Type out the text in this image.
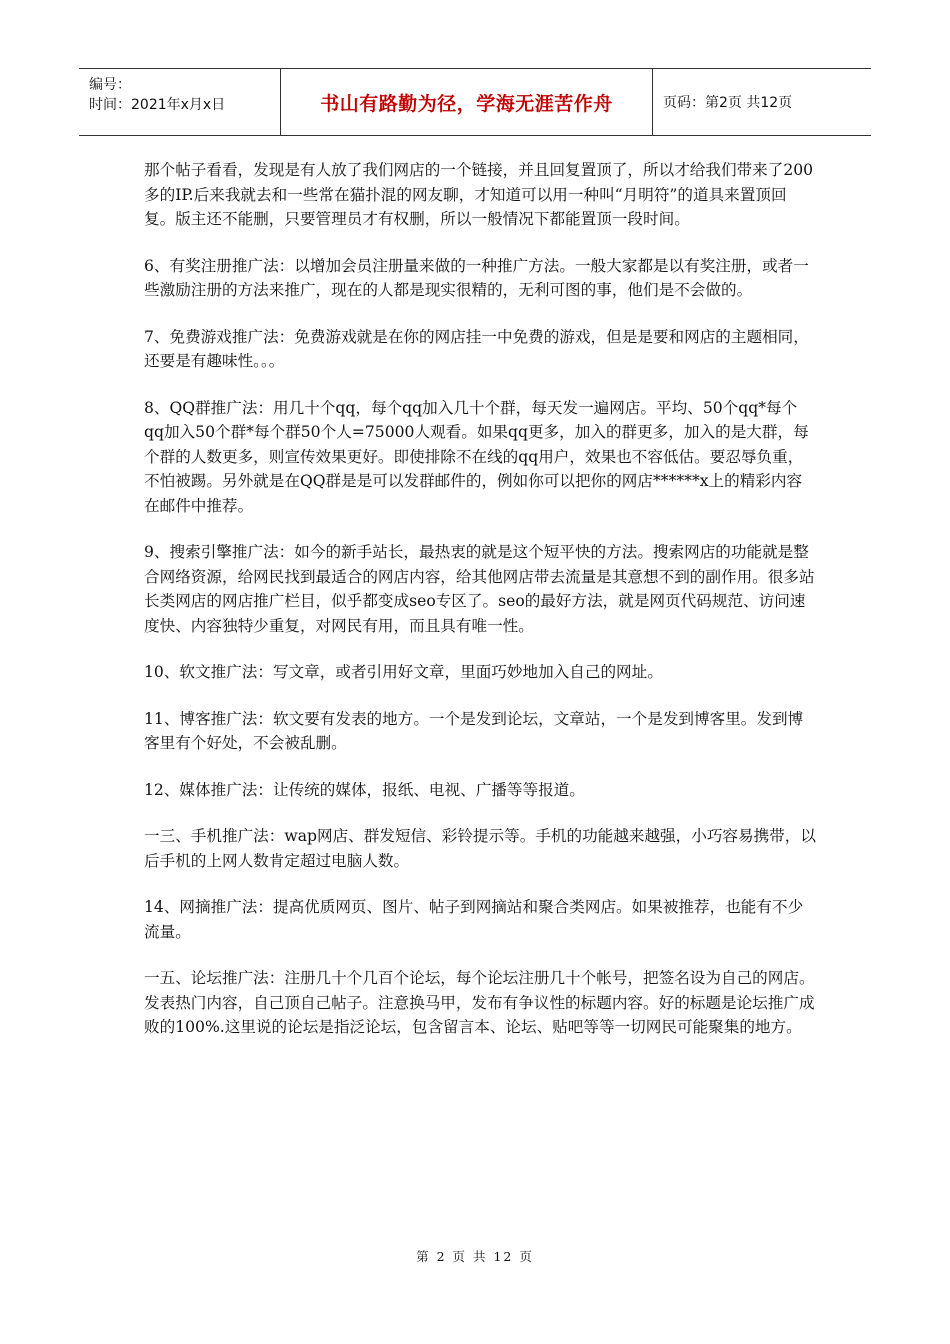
编号：
时间：2021年x月x日	书山有路勤为径，学海无涯苦作舟	页码：第2页 共12页

那个帖子看看，发现是有人放了我们网店的一个链接，并且回复置顶了，所以才给我们带来了200多的IP.后来我就去和一些常在猫扑混的网友聊，才知道可以用一种叫“月明符”的道具来置顶回复。版主还不能删，只要管理员才有权删，所以一般情况下都能置顶一段时间。

6、有奖注册推广法：以增加会员注册量来做的一种推广方法。一般大家都是以有奖注册，或者一些激励注册的方法来推广，现在的人都是现实很精的，无利可图的事，他们是不会做的。

7、免费游戏推广法：免费游戏就是在你的网店挂一中免费的游戏，但是是要和网店的主题相同，还要是有趣味性。。。

8、QQ群推广法：用几十个qq，每个qq加入几十个群，每天发一遍网店。平均、50个qq*每个qq加入50个群*每个群50个人=75000人观看。如果qq更多，加入的群更多，加入的是大群，每个群的人数更多，则宣传效果更好。即使排除不在线的qq用户，效果也不容低估。要忍辱负重，不怕被踢。另外就是在QQ群是是可以发群邮件的，例如你可以把你的网店******x上的精彩内容在邮件中推荐。

9、搜索引擎推广法：如今的新手站长，最热衷的就是这个短平快的方法。搜索网店的功能就是整合网络资源，给网民找到最适合的网店内容，给其他网店带去流量是其意想不到的副作用。很多站长类网店的网店推广栏目，似乎都变成seo专区了。seo的最好方法，就是网页代码规范、访问速度快、内容独特少重复，对网民有用，而且具有唯一性。

10、软文推广法：写文章，或者引用好文章，里面巧妙地加入自己的网址。

11、博客推广法：软文要有发表的地方。一个是发到论坛，文章站，一个是发到博客里。发到博客里有个好处，不会被乱删。

12、媒体推广法：让传统的媒体，报纸、电视、广播等等报道。

一三、手机推广法：wap网店、群发短信、彩铃提示等。手机的功能越来越强，小巧容易携带，以后手机的上网人数肯定超过电脑人数。

14、网摘推广法：提高优质网页、图片、帖子到网摘站和聚合类网店。如果被推荐，也能有不少流量。

一五、论坛推广法：注册几十个几百个论坛，每个论坛注册几十个帐号，把签名设为自己的网店。发表热门内容，自己顶自己帖子。注意换马甲，发布有争议性的标题内容。好的标题是论坛推广成败的100%.这里说的论坛是指泛论坛，包含留言本、论坛、贴吧等等一切网民可能聚集的地方。

第 2 页 共 12 页
